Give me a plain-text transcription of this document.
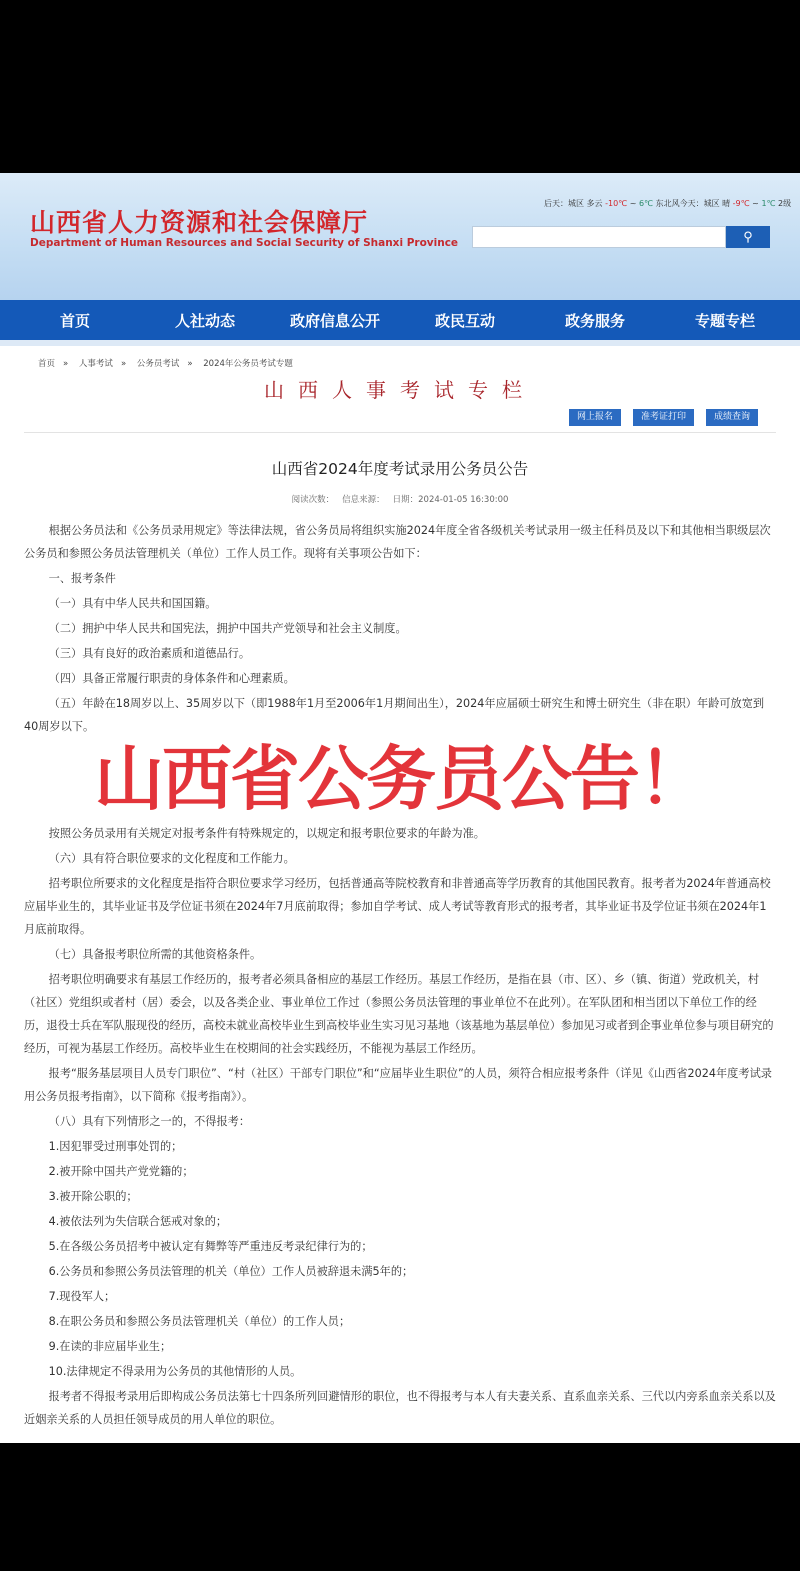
山西省人力资源和社会保障厅
Department of Human Resources and Social Security of Shanxi Province
后天：城区 多云 -10℃ ~ 6℃ 东北风今天：城区 晴 -9℃ ~ 1℃ 2级
⚲
首页	人社动态	政府信息公开	政民互动	政务服务	专题专栏
首页 » 人事考试 » 公务员考试 » 2024年公务员考试专题
山西人事考试专栏
网上报名	准考证打印	成绩查询
山西省2024年度考试录用公务员公告
阅读次数： 信息来源： 日期：2024-01-05 16:30:00

根据公务员法和《公务员录用规定》等法律法规，省公务员局将组织实施2024年度全省各级机关考试录用一级主任科员及以下和其他相当职级层次公务员和参照公务员法管理机关（单位）工作人员工作。现将有关事项公告如下：

一、报考条件

（一）具有中华人民共和国国籍。

（二）拥护中华人民共和国宪法，拥护中国共产党领导和社会主义制度。

（三）具有良好的政治素质和道德品行。

（四）具备正常履行职责的身体条件和心理素质。

（五）年龄在18周岁以上、35周岁以下（即1988年1月至2006年1月期间出生），2024年应届硕士研究生和博士研究生（非在职）年龄可放宽到40周岁以下。

山西省公务员公告！

按照公务员录用有关规定对报考条件有特殊规定的，以规定和报考职位要求的年龄为准。

（六）具有符合职位要求的文化程度和工作能力。

招考职位所要求的文化程度是指符合职位要求学习经历，包括普通高等院校教育和非普通高等学历教育的其他国民教育。报考者为2024年普通高校应届毕业生的，其毕业证书及学位证书须在2024年7月底前取得；参加自学考试、成人考试等教育形式的报考者，其毕业证书及学位证书须在2024年1月底前取得。

（七）具备报考职位所需的其他资格条件。

招考职位明确要求有基层工作经历的，报考者必须具备相应的基层工作经历。基层工作经历，是指在县（市、区）、乡（镇、街道）党政机关，村（社区）党组织或者村（居）委会，以及各类企业、事业单位工作过（参照公务员法管理的事业单位不在此列）。在军队团和相当团以下单位工作的经历，退役士兵在军队服现役的经历，高校未就业高校毕业生到高校毕业生实习见习基地（该基地为基层单位）参加见习或者到企事业单位参与项目研究的经历，可视为基层工作经历。高校毕业生在校期间的社会实践经历，不能视为基层工作经历。

报考“服务基层项目人员专门职位”、“村（社区）干部专门职位”和“应届毕业生职位”的人员，须符合相应报考条件（详见《山西省2024年度考试录用公务员报考指南》，以下简称《报考指南》）。

（八）具有下列情形之一的，不得报考：

1.因犯罪受过刑事处罚的；

2.被开除中国共产党党籍的；

3.被开除公职的；

4.被依法列为失信联合惩戒对象的；

5.在各级公务员招考中被认定有舞弊等严重违反考录纪律行为的；

6.公务员和参照公务员法管理的机关（单位）工作人员被辞退未满5年的；

7.现役军人；

8.在职公务员和参照公务员法管理机关（单位）的工作人员；

9.在读的非应届毕业生；

10.法律规定不得录用为公务员的其他情形的人员。

报考者不得报考录用后即构成公务员法第七十四条所列回避情形的职位，也不得报考与本人有夫妻关系、直系血亲关系、三代以内旁系血亲关系以及近姻亲关系的人员担任领导成员的用人单位的职位。
